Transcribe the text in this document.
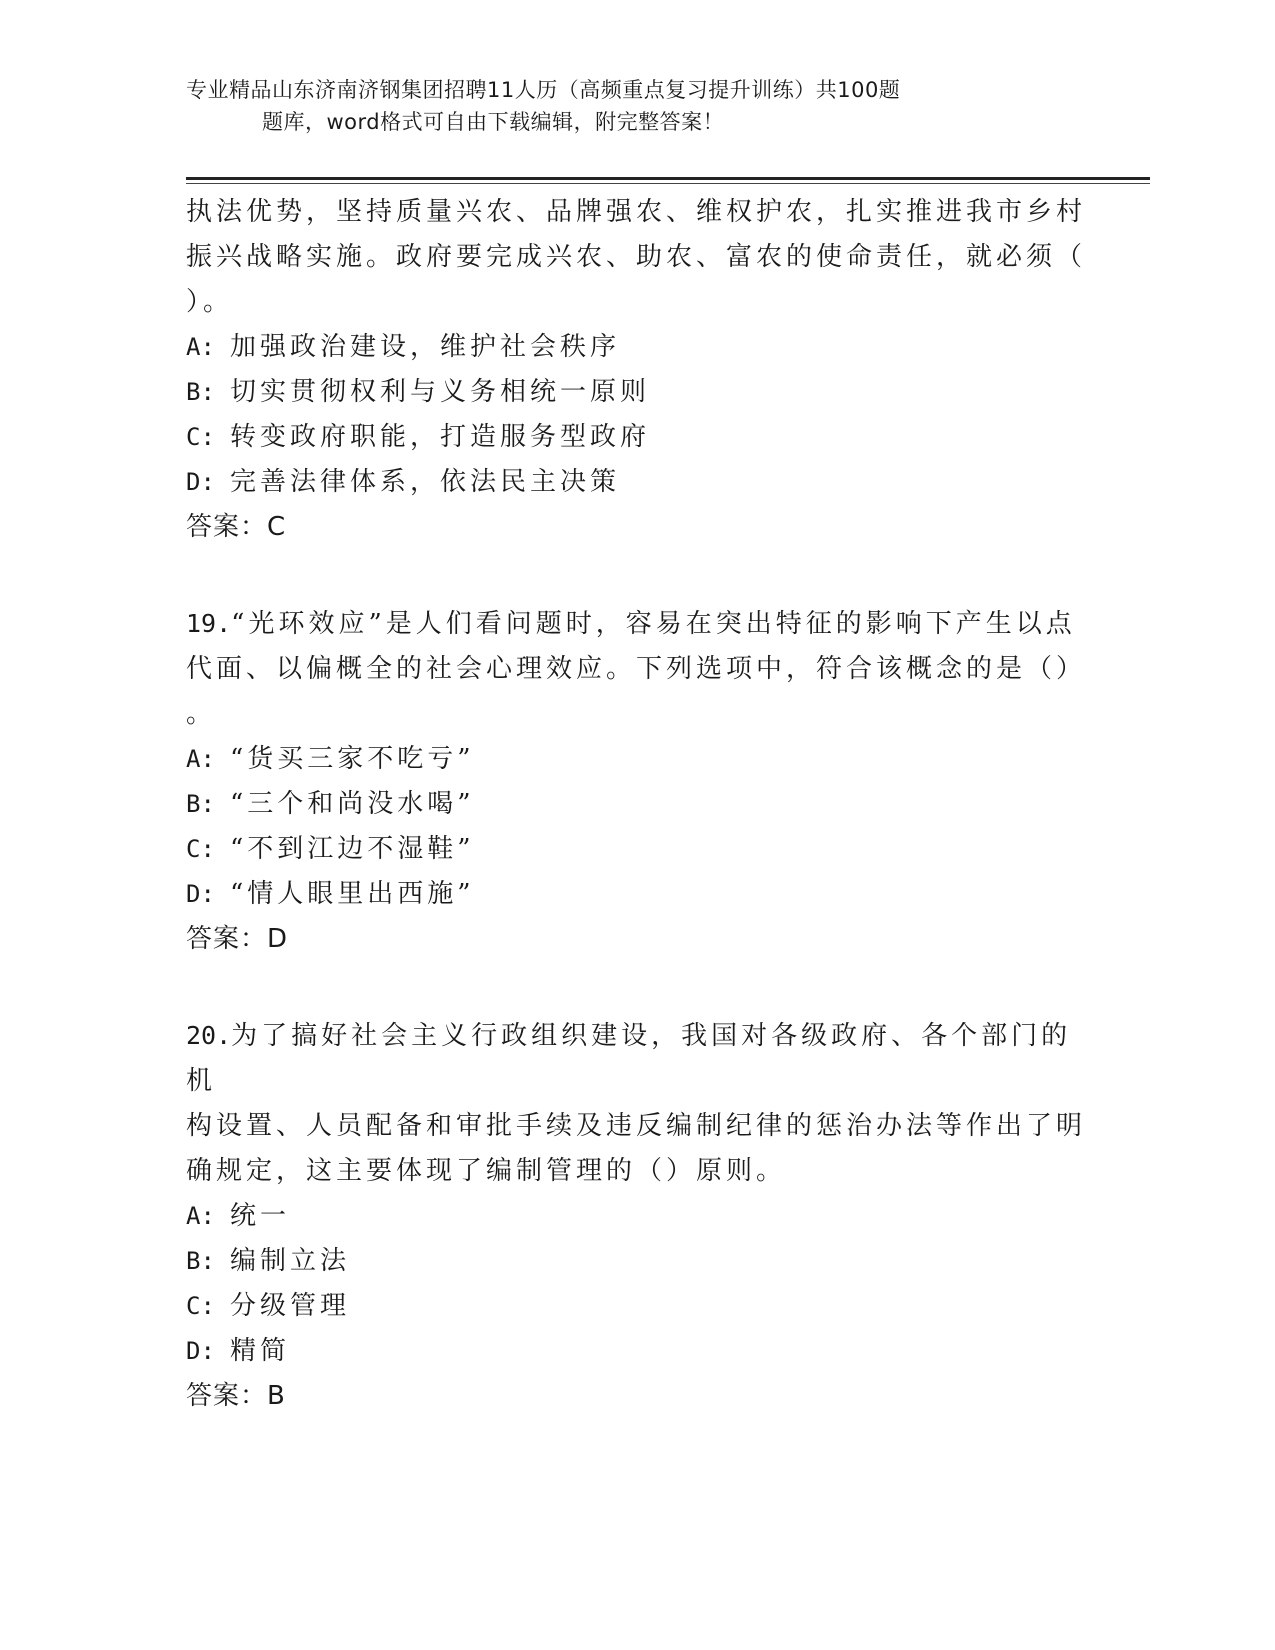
专业精品山东济南济钢集团招聘11人历（高频重点复习提升训练）共100题
题库，word格式可自由下载编辑，附完整答案！

执法优势，坚持质量兴农、品牌强农、维权护农，扎实推进我市乡村
振兴战略实施。政府要完成兴农、助农、富农的使命责任，就必须（
）。

A: 加强政治建设，维护社会秩序

B: 切实贯彻权利与义务相统一原则

C: 转变政府职能，打造服务型政府

D: 完善法律体系，依法民主决策

答案：C

19.“光环效应”是人们看问题时，容易在突出特征的影响下产生以点
代面、以偏概全的社会心理效应。下列选项中，符合该概念的是（）
。

A: “货买三家不吃亏”

B: “三个和尚没水喝”

C: “不到江边不湿鞋”

D: “情人眼里出西施”

答案：D

20.为了搞好社会主义行政组织建设，我国对各级政府、各个部门的机
构设置、人员配备和审批手续及违反编制纪律的惩治办法等作出了明
确规定，这主要体现了编制管理的（）原则。

A: 统一

B: 编制立法

C: 分级管理

D: 精简

答案：B
